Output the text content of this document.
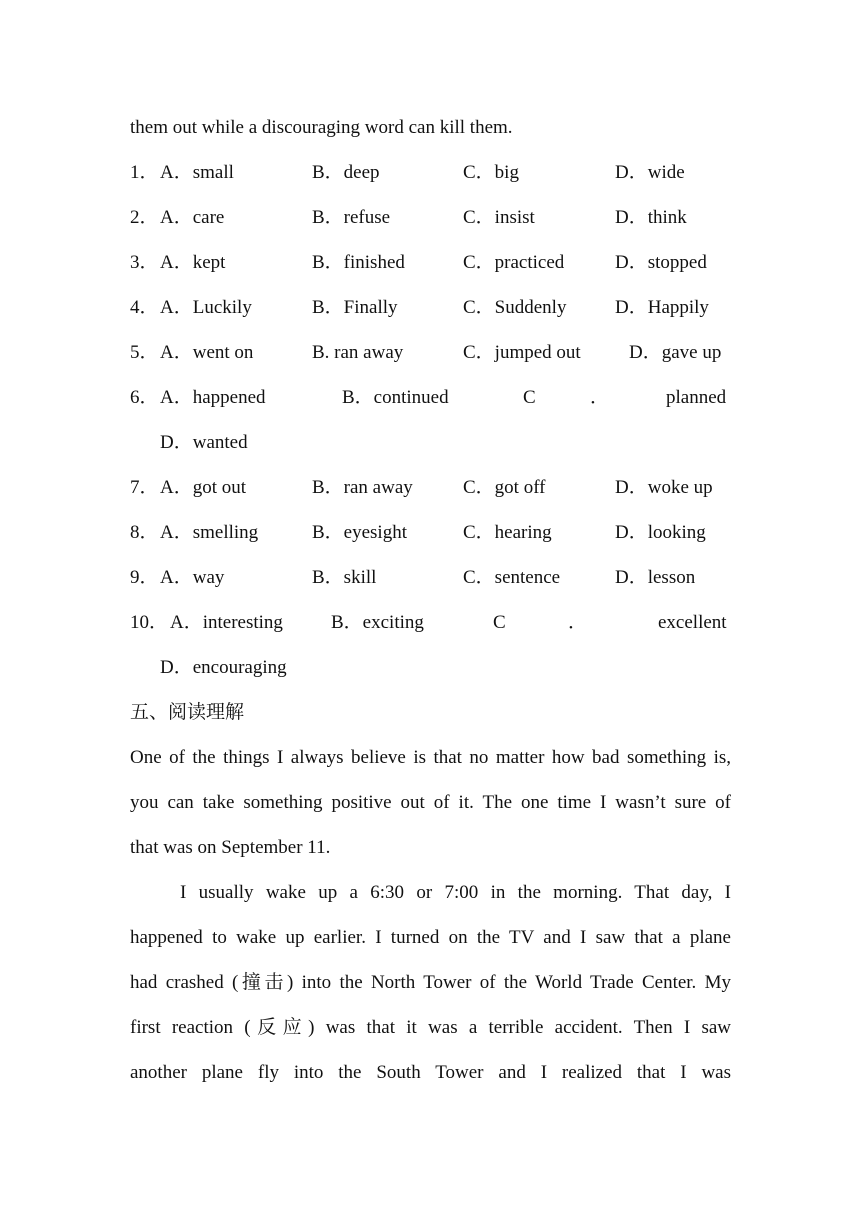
them out while a discouraging word can kill them.
1． A．small	B．deep	C．big	D．wide
2． A．care	B．refuse	C．insist	D．think
3． A．kept	B．finished	C．practiced	D．stopped
4． A．Luckily	B．Finally	C．Suddenly	D．Happily
5． A．went on	B. ran away	C．jumped out	D．gave up
6． A．happened	B．continued	C	．	planned
D．wanted
7． A．got out	B．ran away	C．got off	D．woke up
8． A．smelling	B．eyesight	C．hearing	D．looking
9． A．way	B．skill	C．sentence	D．lesson
10． A．interesting	B．exciting	C	．	excellent
D．encouraging
五、阅读理解
One of the things I always believe is that no matter how bad something is,
you can take something positive out of it. The one time I wasn’t sure of
that was on September 11.
I usually wake up a 6:30 or 7:00 in the morning. That day, I
happened to wake up earlier. I turned on the TV and I saw that a plane
had crashed (撞击) into the North Tower of the World Trade Center. My
first reaction (反应) was that it was a terrible accident. Then I saw
another plane fly into the South Tower and I realized that I was
